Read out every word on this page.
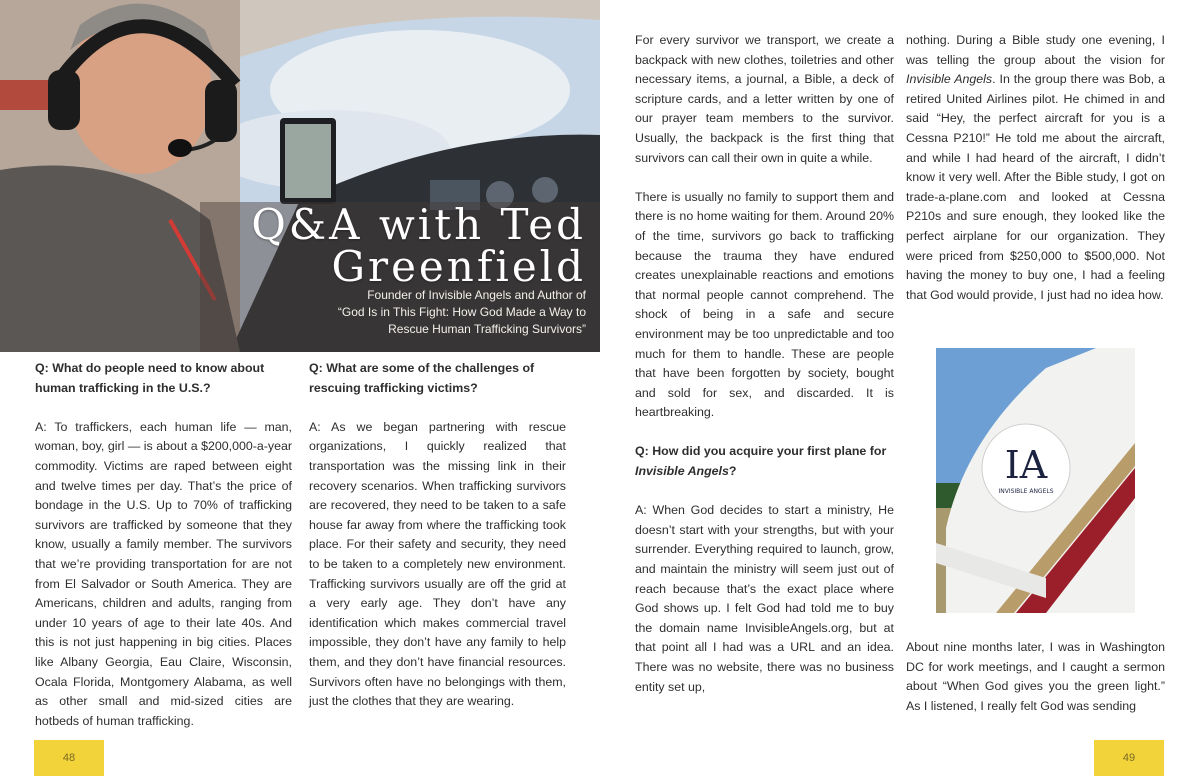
Q&A with Ted
Greenfield

Founder of Invisible Angels and Author of
“God Is in This Fight: How God Made a Way to
Rescue Human Trafficking Survivors”

Q: What do people need to know about human trafficking in the U.S.?

A: To traffickers, each human life — man, woman, boy, girl — is about a $200,000-a-year commodity. Victims are raped between eight and twelve times per day. That’s the price of bondage in the U.S. Up to 70% of trafficking survivors are trafficked by someone that they know, usually a family member. The survivors that we’re providing transportation for are not from El Salvador or South America. They are Americans, children and adults, ranging from under 10 years of age to their late 40s. And this is not just happening in big cities. Places like Albany Georgia, Eau Claire, Wisconsin, Ocala Florida, Montgomery Alabama, as well as other small and mid-sized cities are hotbeds of human trafficking.

Q: What are some of the challenges of rescuing trafficking victims?

A: As we began partnering with rescue organizations, I quickly realized that transportation was the missing link in their recovery scenarios. When trafficking survivors are recovered, they need to be taken to a safe house far away from where the trafficking took place. For their safety and security, they need to be taken to a completely new environment. Trafficking survivors usually are off the grid at a very early age. They don’t have any identification which makes commercial travel impossible, they don’t have any family to help them, and they don’t have financial resources. Survivors often have no belongings with them, just the clothes that they are wearing.

48

For every survivor we transport, we create a backpack with new clothes, toiletries and other necessary items, a journal, a Bible, a deck of scripture cards, and a letter written by one of our prayer team members to the survivor. Usually, the backpack is the first thing that survivors can call their own in quite a while.

There is usually no family to support them and there is no home waiting for them. Around 20% of the time, survivors go back to trafficking because the trauma they have endured creates unexplainable reactions and emotions that normal people cannot comprehend. The shock of being in a safe and secure environment may be too unpredictable and too much for them to handle. These are people that have been forgotten by society, bought and sold for sex, and discarded. It is heartbreaking.

Q: How did you acquire your first plane for Invisible Angels?

A: When God decides to start a ministry, He doesn’t start with your strengths, but with your surrender. Everything required to launch, grow, and maintain the ministry will seem just out of reach because that’s the exact place where God shows up. I felt God had told me to buy the domain name InvisibleAngels.org, but at that point all I had was a URL and an idea. There was no website, there was no business entity set up,

nothing. During a Bible study one evening, I was telling the group about the vision for Invisible Angels. In the group there was Bob, a retired United Airlines pilot. He chimed in and said “Hey, the perfect aircraft for you is a Cessna P210!” He told me about the aircraft, and while I had heard of the aircraft, I didn’t know it very well. After the Bible study, I got on trade-a-plane.com and looked at Cessna P210s and sure enough, they looked like the perfect airplane for our organization. They were priced from $250,000 to $500,000. Not having the money to buy one, I had a feeling that God would provide, I just had no idea how.

IA
INVISIBLE ANGELS

About nine months later, I was in Washington DC for work meetings, and I caught a sermon about “When God gives you the green light.” As I listened, I really felt God was sending

49
